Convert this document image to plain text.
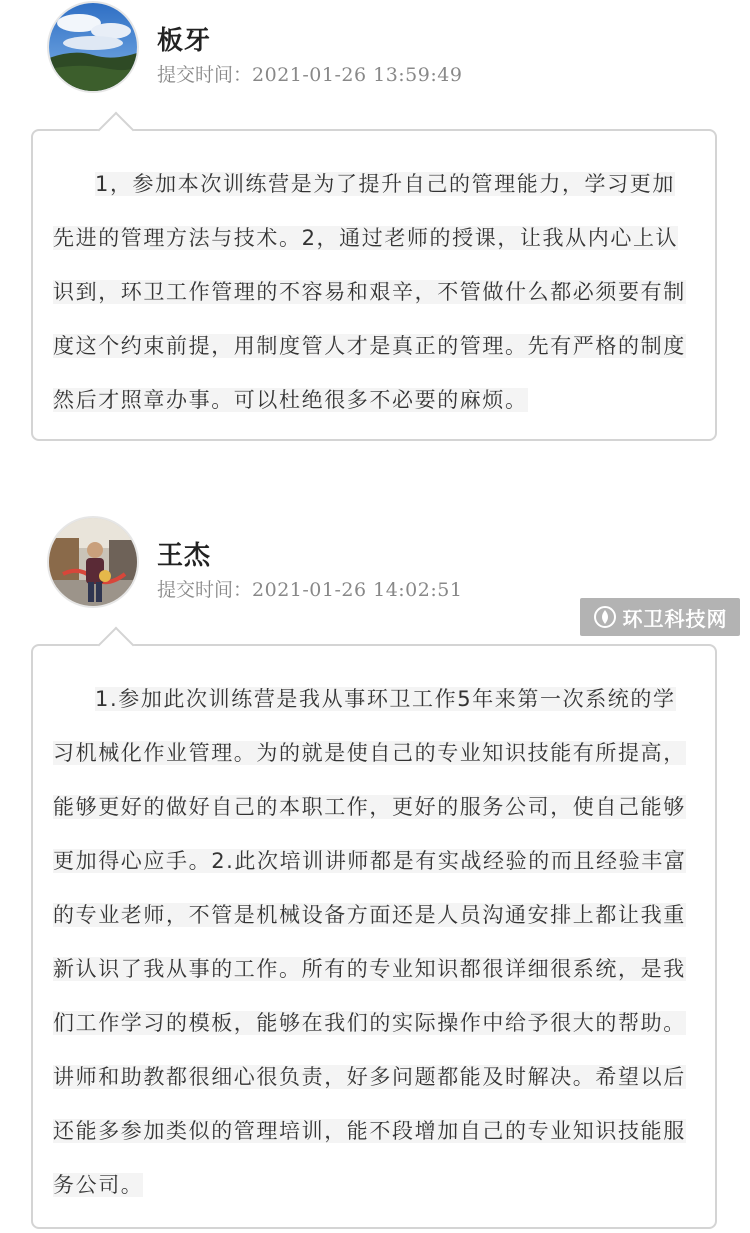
板牙
提交时间：2021-01-26 13:59:49

1，参加本次训练营是为了提升自己的管理能力，学习更加先进的管理方法与技术。2，通过老师的授课，让我从内心上认识到，环卫工作管理的不容易和艰辛，不管做什么都必须要有制度这个约束前提，用制度管人才是真正的管理。先有严格的制度然后才照章办事。可以杜绝很多不必要的麻烦。

王杰
提交时间：2021-01-26 14:02:51

1.参加此次训练营是我从事环卫工作5年来第一次系统的学习机械化作业管理。为的就是使自己的专业知识技能有所提高，能够更好的做好自己的本职工作，更好的服务公司，使自己能够更加得心应手。2.此次培训讲师都是有实战经验的而且经验丰富的专业老师，不管是机械设备方面还是人员沟通安排上都让我重新认识了我从事的工作。所有的专业知识都很详细很系统，是我们工作学习的模板，能够在我们的实际操作中给予很大的帮助。讲师和助教都很细心很负责，好多问题都能及时解决。希望以后还能多参加类似的管理培训，能不段增加自己的专业知识技能服务公司。

环卫科技网
